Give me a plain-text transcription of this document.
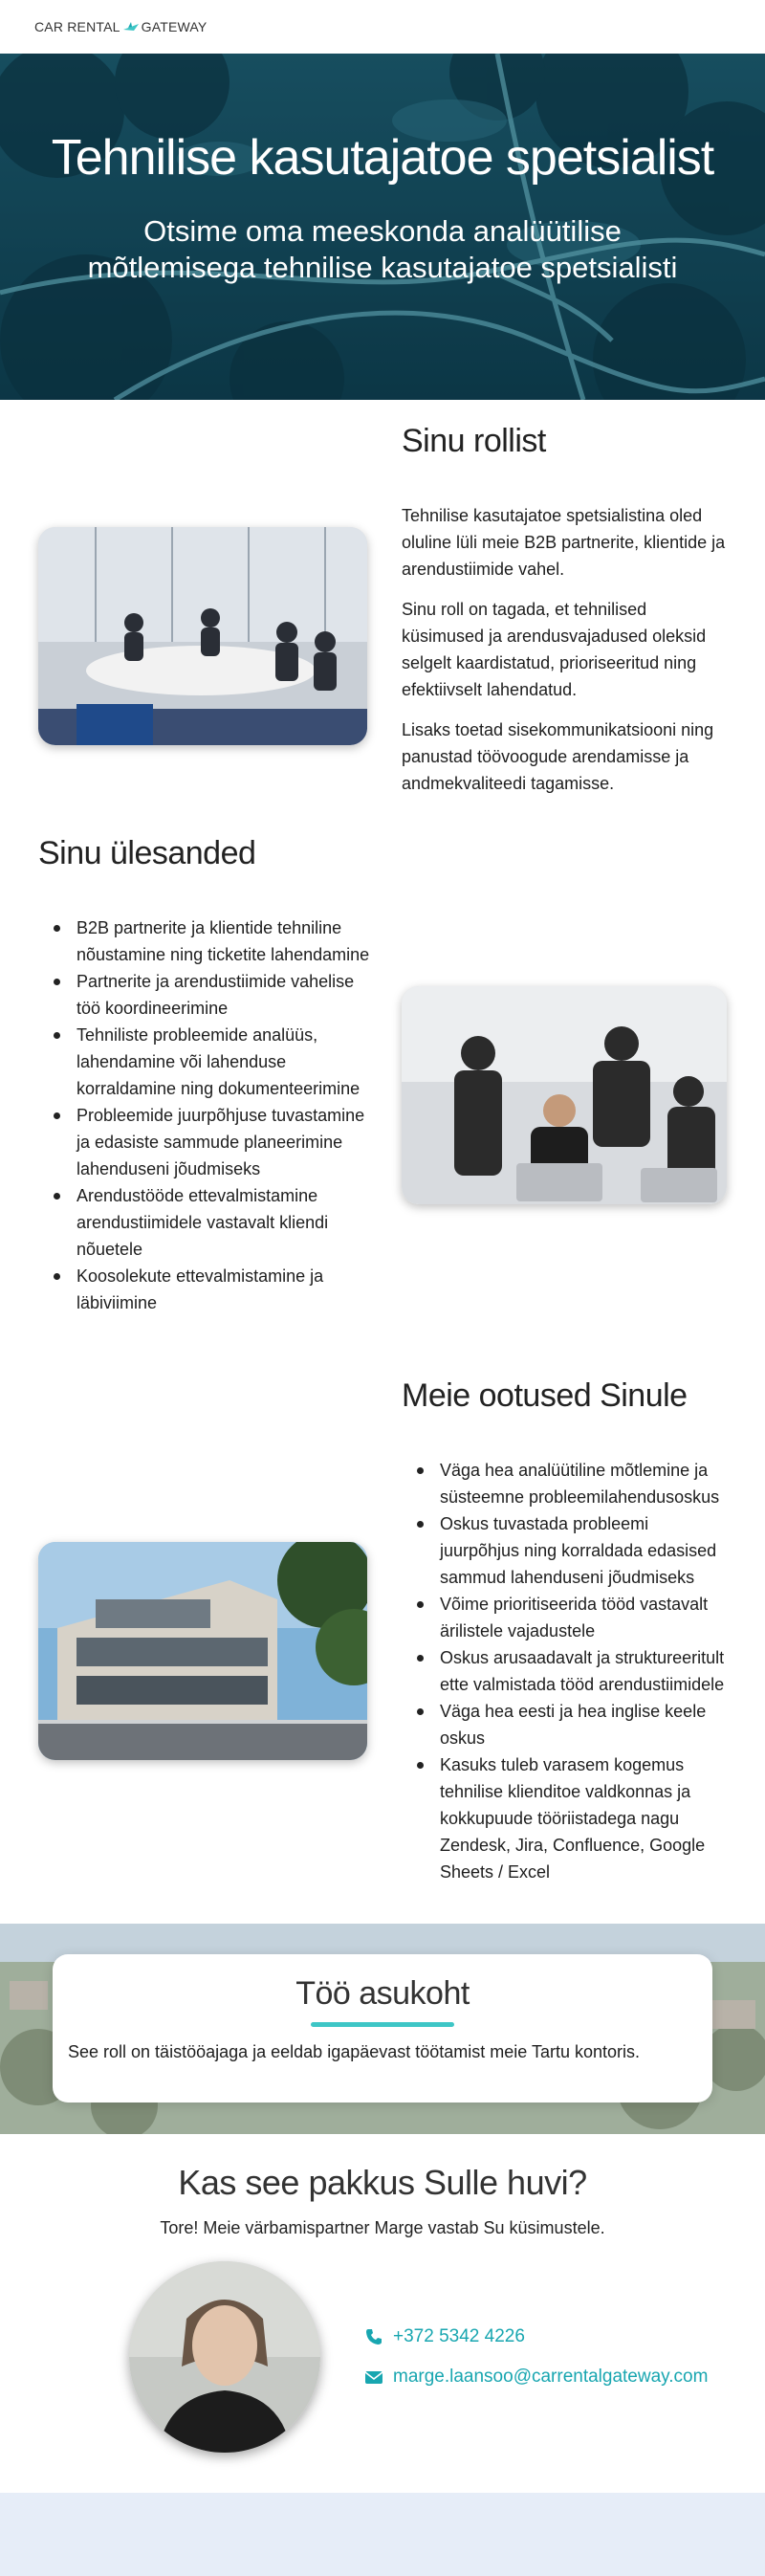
CAR RENTAL GATEWAY
Tehnilise kasutajatoe spetsialist
Otsime oma meeskonda analüütilise mõtlemisega tehnilise kasutajatoe spetsialisti
Sinu rollist

Tehnilise kasutajatoe spetsialistina oled oluline lüli meie B2B partnerite, klientide ja arendustiimide vahel.

Sinu roll on tagada, et tehnilised küsimused ja arendusvajadused oleksid selgelt kaardistatud, prioriseeritud ning efektiivselt lahendatud.

Lisaks toetad sisekommunikatsiooni ning panustad töövoogude arendamisse ja andmekvaliteedi tagamisse.

Sinu ülesanded
B2B partnerite ja klientide tehniline nõustamine ning ticketite lahendamine
Partnerite ja arendustiimide vahelise töö koordineerimine
Tehniliste probleemide analüüs, lahendamine või lahenduse korraldamine ning dokumenteerimine
Probleemide juurpõhjuse tuvastamine ja edasiste sammude planeerimine lahenduseni jõudmiseks
Arendustööde ettevalmistamine arendustiimidele vastavalt kliendi nõuetele
Koosolekute ettevalmistamine ja läbiviimine
Meie ootused Sinule
Väga hea analüütiline mõtlemine ja süsteemne probleemilahendusoskus
Oskus tuvastada probleemi juurpõhjus ning korraldada edasised sammud lahenduseni jõudmiseks
Võime prioritiseerida tööd vastavalt ärilistele vajadustele
Oskus arusaadavalt ja struktureeritult ette valmistada tööd arendustiimidele
Väga hea eesti ja hea inglise keele oskus
Kasuks tuleb varasem kogemus tehnilise klienditoe valdkonnas ja kokkupuude tööriistadega nagu Zendesk, Jira, Confluence, Google Sheets / Excel
Töö asukoht

See roll on täistööajaga ja eeldab igapäevast töötamist meie Tartu kontoris.

Kas see pakkus Sulle huvi?

Tore! Meie värbamispartner Marge vastab Su küsimustele.

+372 5342 4226
marge.laansoo@carrentalgateway.com
